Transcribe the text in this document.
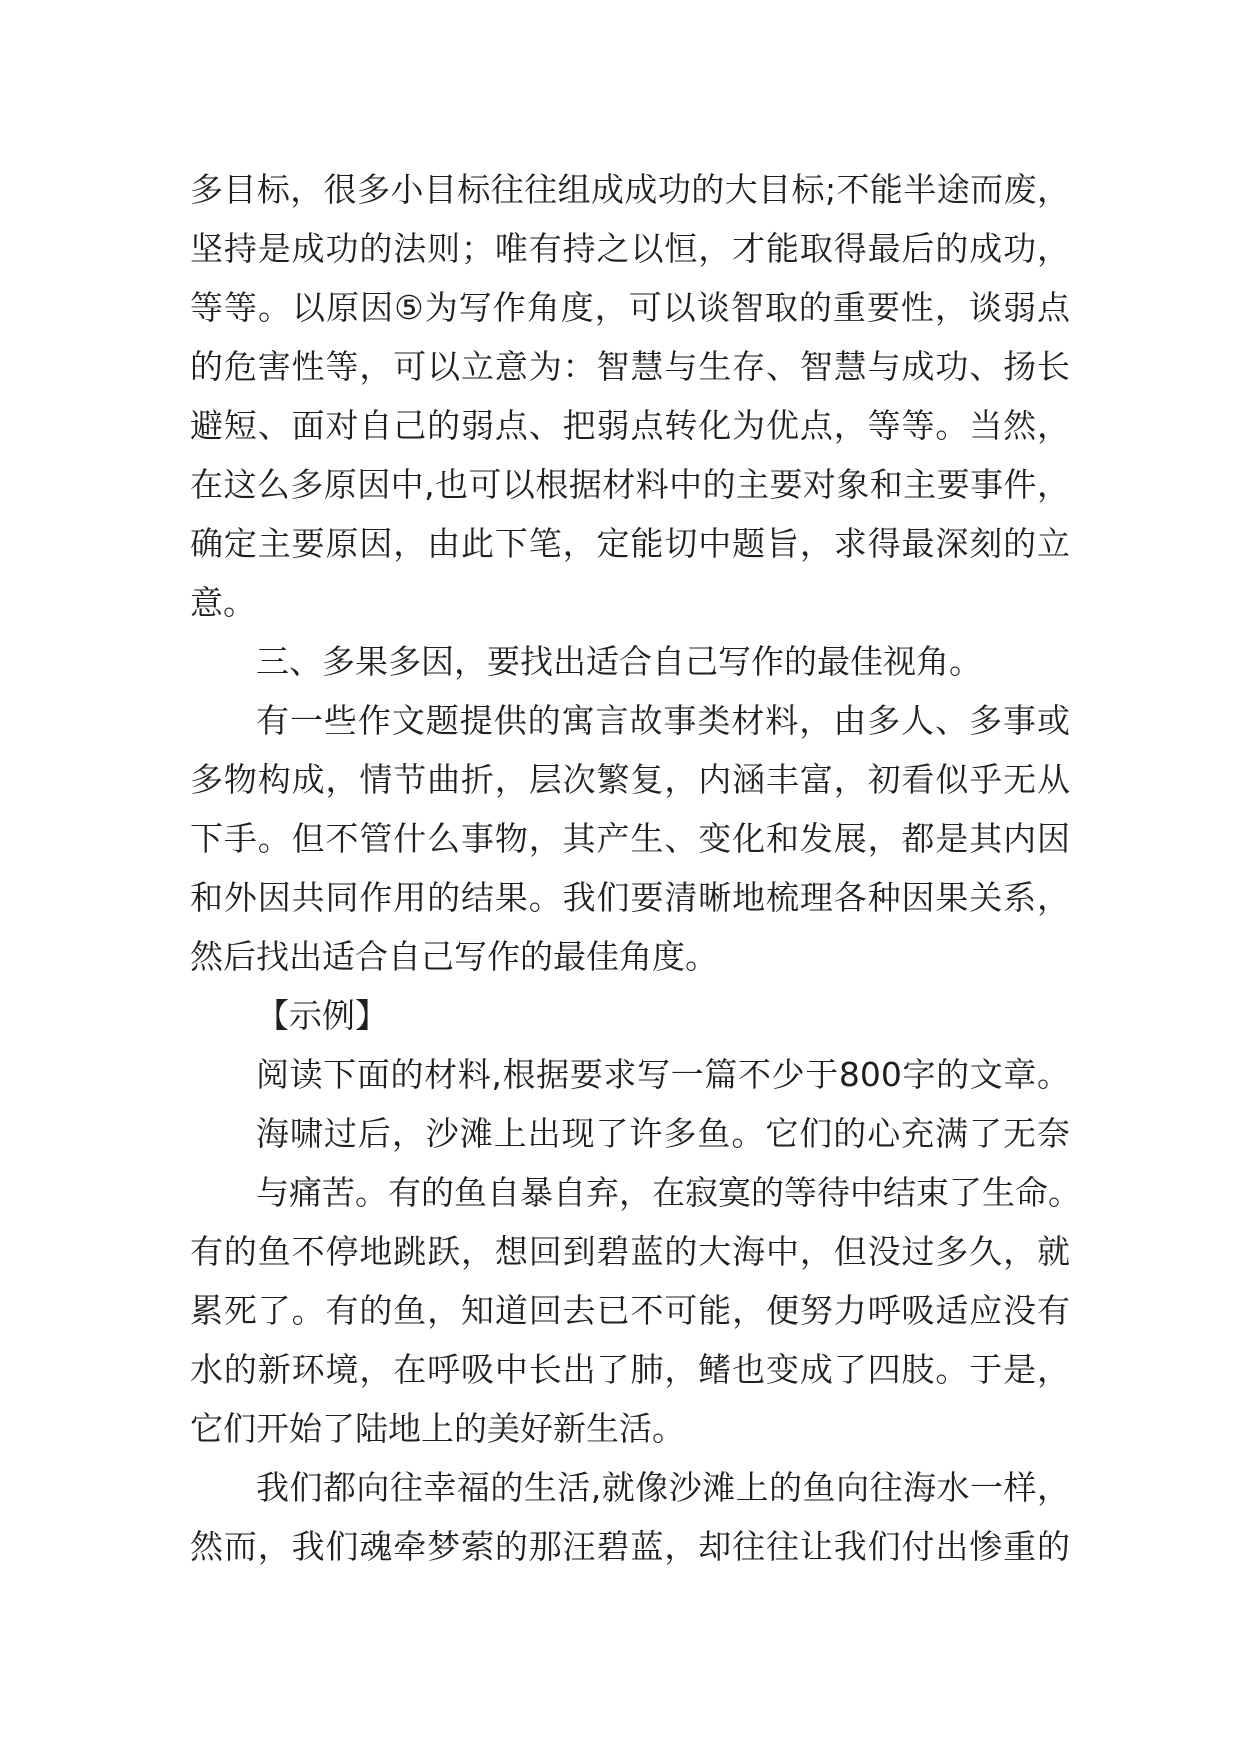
多目标，很多小目标往往组成成功的大目标;不能半途而废，
坚持是成功的法则；唯有持之以恒，才能取得最后的成功，
等等。以原因⑤为写作角度，可以谈智取的重要性，谈弱点
的危害性等，可以立意为：智慧与生存、智慧与成功、扬长
避短、面对自己的弱点、把弱点转化为优点，等等。当然，
在这么多原因中,也可以根据材料中的主要对象和主要事件，
确定主要原因，由此下笔，定能切中题旨，求得最深刻的立
意。
三、多果多因，要找出适合自己写作的最佳视角。
有一些作文题提供的寓言故事类材料，由多人、多事或
多物构成，情节曲折，层次繁复，内涵丰富，初看似乎无从
下手。但不管什么事物，其产生、变化和发展，都是其内因
和外因共同作用的结果。我们要清晰地梳理各种因果关系，
然后找出适合自己写作的最佳角度。
【示例】
阅读下面的材料,根据要求写一篇不少于800字的文章。
海啸过后，沙滩上出现了许多鱼。它们的心充满了无奈
与痛苦。有的鱼自暴自弃，在寂寞的等待中结束了生命。
有的鱼不停地跳跃，想回到碧蓝的大海中，但没过多久，就
累死了。有的鱼，知道回去已不可能，便努力呼吸适应没有
水的新环境，在呼吸中长出了肺，鳍也变成了四肢。于是，
它们开始了陆地上的美好新生活。
我们都向往幸福的生活,就像沙滩上的鱼向往海水一样，
然而，我们魂牵梦萦的那汪碧蓝，却往往让我们付出惨重的
